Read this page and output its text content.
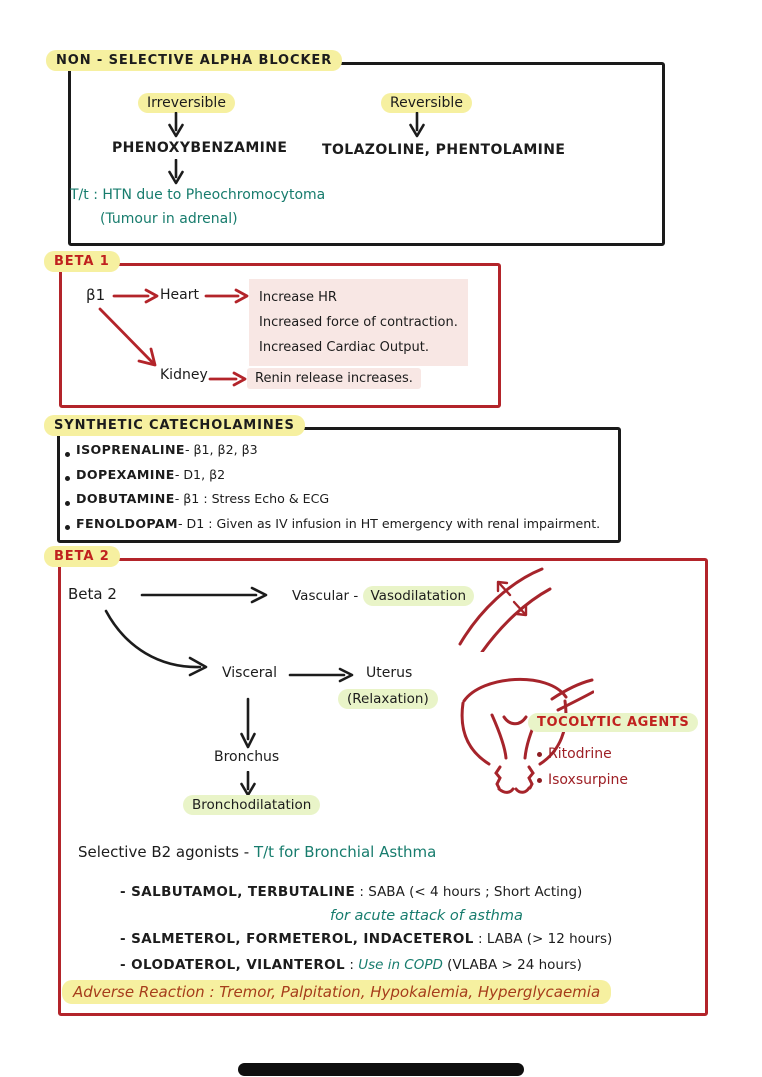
NON - SELECTIVE ALPHA BLOCKER
Irreversible
PHENOXYBENZAMINE
T/t : HTN due to Pheochromocytoma
(Tumour in adrenal)
Reversible
TOLAZOLINE, PHENTOLAMINE
BETA 1
β1	Heart	Increase HR
Increased force of contraction.
Increased Cardiac Output.
Kidney	Renin release increases.
SYNTHETIC CATECHOLAMINES
ISOPRENALINE - β1, β2, β3
DOPEXAMINE - D1, β2
DOBUTAMINE - β1 : Stress Echo & ECG
FENOLDOPAM - D1 : Given as IV infusion in HT emergency with renal impairment.
BETA 2
Beta 2	Vascular - Vasodilatation
Visceral	Uterus
(Relaxation)
Bronchus
Bronchodilatation
TOCOLYTIC AGENTS
Ritodrine
Isoxsurpine
Selective B2 agonists - T/t for Bronchial Asthma
- SALBUTAMOL, TERBUTALINE : SABA (< 4 hours ; Short Acting)
for acute attack of asthma
- SALMETEROL, FORMETEROL, INDACETEROL : LABA (> 12 hours)
- OLODATEROL, VILANTEROL : Use in COPD (VLABA > 24 hours)
Adverse Reaction : Tremor, Palpitation, Hypokalemia, Hyperglycaemia
